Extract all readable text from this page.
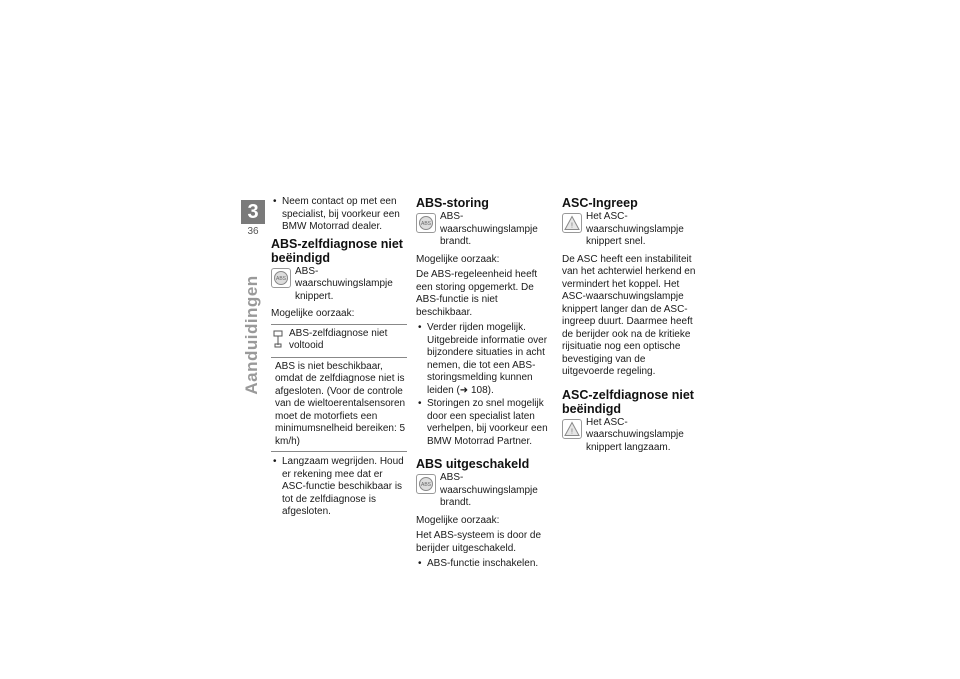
3
36
Aanduidingen
• Neem contact op met een specialist, bij voorkeur een BMW Motorrad dealer.
ABS-zelfdiagnose niet beëindigd
ABS
ABS-waarschuwingslampje knippert.

Mogelijke oorzaak:

ABS-zelfdiagnose niet voltooid
ABS is niet beschikbaar, omdat de zelfdiagnose niet is afgesloten. (Voor de controle van de wieltoerentalsensoren moet de motorfiets een minimumsnelheid bereiken: 5 km/h)
• Langzaam wegrijden. Houd er rekening mee dat er ASC-functie beschikbaar is tot de zelfdiagnose is afgesloten.
ABS-storing
ABS
ABS-waarschuwingslampje brandt.

Mogelijke oorzaak:

De ABS-regeleenheid heeft een storing opgemerkt. De ABS-functie is niet beschikbaar.

• Verder rijden mogelijk. Uitgebreide informatie over bijzondere situaties in acht nemen, die tot een ABS-storingsmelding kunnen leiden (➜ 108).
• Storingen zo snel mogelijk door een specialist laten verhelpen, bij voorkeur een BMW Motorrad Partner.
ABS uitgeschakeld
ABS
ABS-waarschuwingslampje brandt.

Mogelijke oorzaak:

Het ABS-systeem is door de berijder uitgeschakeld.

• ABS-functie inschakelen.
ASC-Ingreep
!
Het ASC-waarschuwingslampje knippert snel.

De ASC heeft een instabiliteit van het achterwiel herkend en vermindert het koppel. Het ASC-waarschuwingslampje knippert langer dan de ASC-ingreep duurt. Daarmee heeft de berijder ook na de kritieke rijsituatie nog een optische bevestiging van de uitgevoerde regeling.

ASC-zelfdiagnose niet beëindigd
!
Het ASC-waarschuwingslampje knippert langzaam.
